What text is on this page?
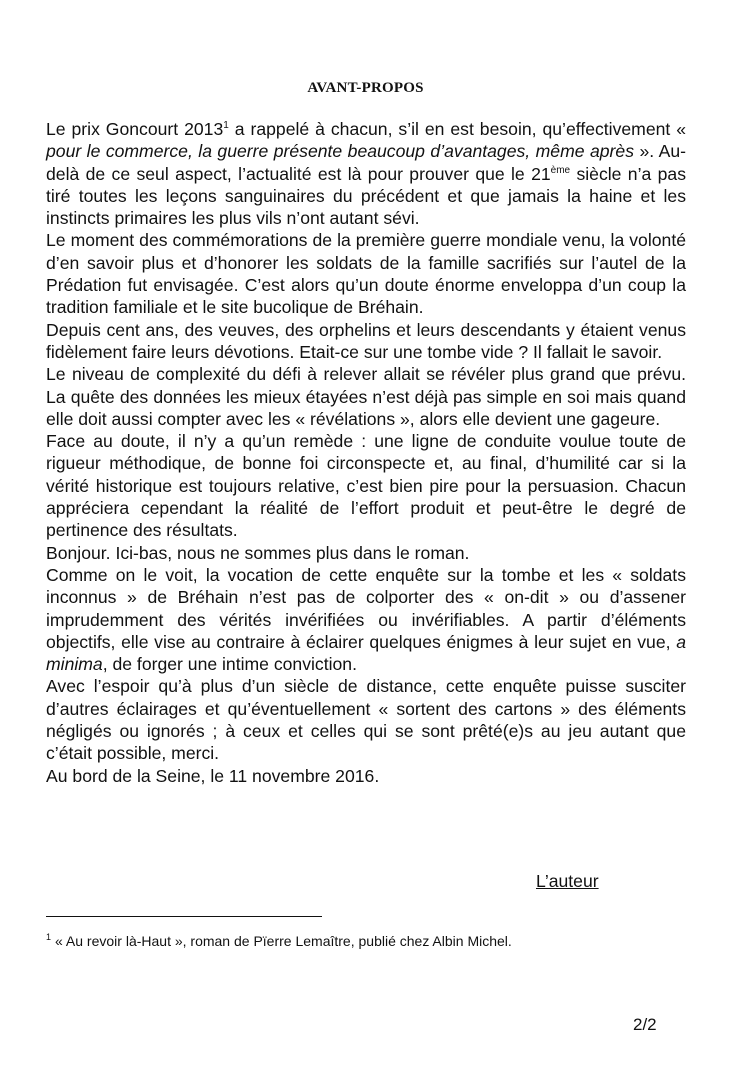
AVANT-PROPOS

Le prix Goncourt 2013$^1$ a rappelé à chacun, s’il en est besoin, qu’effectivement « pour le commerce, la guerre présente beaucoup d’avantages, même après ». Au-delà de ce seul aspect, l’actualité est là pour prouver que le 21ème siècle n’a pas tiré toutes les leçons sanguinaires du précédent et que jamais la haine et les instincts primaires les plus vils n’ont autant sévi.

Le moment des commémorations de la première guerre mondiale venu, la volonté d’en savoir plus et d’honorer les soldats de la famille sacrifiés sur l’autel de la Prédation fut envisagée. C’est alors qu’un doute énorme enveloppa d’un coup la tradition familiale et le site bucolique de Bréhain.

Depuis cent ans, des veuves, des orphelins et leurs descendants y étaient venus fidèlement faire leurs dévotions. Etait-ce sur une tombe vide ? Il fallait le savoir.

Le niveau de complexité du défi à relever allait se révéler plus grand que prévu. La quête des données les mieux étayées n’est déjà pas simple en soi mais quand elle doit aussi compter avec les « révélations », alors elle devient une gageure.

Face au doute, il n’y a qu’un remède : une ligne de conduite voulue toute de rigueur méthodique, de bonne foi circonspecte et, au final, d’humilité car si la vérité historique est toujours relative, c’est bien pire pour la persuasion. Chacun appréciera cependant la réalité de l’effort produit et peut-être le degré de pertinence des résultats.

Bonjour. Ici-bas, nous ne sommes plus dans le roman.

Comme on le voit, la vocation de cette enquête sur la tombe et les « soldats inconnus » de Bréhain n’est pas de colporter des « on-dit » ou d’assener imprudemment des vérités invérifiées ou invérifiables. A partir d’éléments objectifs, elle vise au contraire à éclairer quelques énigmes à leur sujet en vue, a minima, de forger une intime conviction.

Avec l’espoir qu’à plus d’un siècle de distance, cette enquête puisse susciter d’autres éclairages et qu’éventuellement « sortent des cartons » des éléments négligés ou ignorés ; à ceux et celles qui se sont prêté(e)s au jeu autant que c’était possible, merci.

Au bord de la Seine, le 11 novembre 2016.

L’auteur
$^1$ « Au revoir là-Haut », roman de Pïerre Lemaître, publié chez Albin Michel.
2/2
